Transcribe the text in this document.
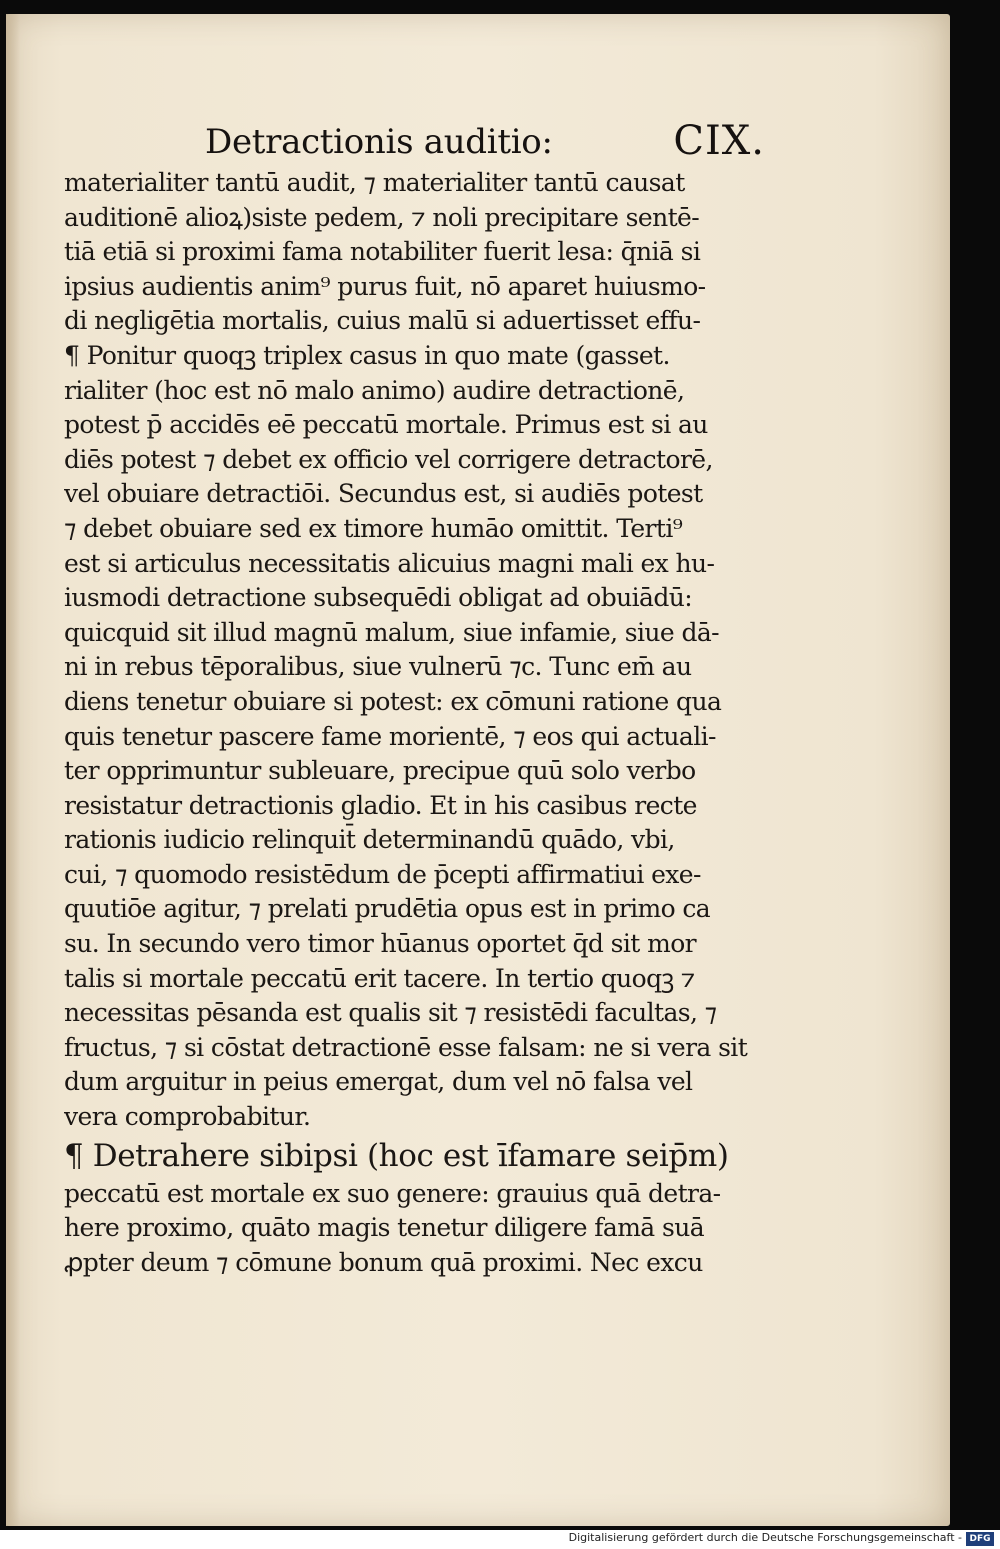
Detractionis auditio:	CIX.
materialiter tantū audit, ⁊ materialiter tantū causat
auditionē alioꝝ)siste pedem, ⁊ noli precipitare sentē-
tiā etiā si proximi fama notabiliter fuerit lesa: q̄niā si
ipsius audientis anim⁹ purus fuit, nō aparet huiusmo-
di negligētia mortalis, cuius malū si aduertisset effu-
¶ Ponitur quoqꝫ triplex casus in quo mate (gasset.
rialiter (hoc est nō malo animo) audire detractionē,
potest p̄ accidēs eē peccatū mortale. Primus est si au
diēs potest ⁊ debet ex officio vel corrigere detractorē,
vel obuiare detractiōi. Secundus est, si audiēs potest
⁊ debet obuiare sed ex timore humāo omittit. Terti⁹
est si articulus necessitatis alicuius magni mali ex hu-
iusmodi detractione subsequēdi obligat ad obuiādū:
quicquid sit illud magnū malum, siue infamie, siue dā-
ni in rebus tēporalibus, siue vulnerū ⁊c. Tunc em̄ au
diens tenetur obuiare si potest: ex cōmuni ratione qua
quis tenetur pascere fame morientē, ⁊ eos qui actuali-
ter opprimuntur subleuare, precipue quū solo verbo
resistatur detractionis gladio. Et in his casibus recte
rationis iudicio relinquit̄ determinandū quādo, vbi,
cui, ⁊ quomodo resistēdum de p̄cepti affirmatiui exe-
quutiōe agitur, ⁊ prelati prudētia opus est in primo ca
su. In secundo vero timor hūanus oportet q̄d sit mor
talis si mortale peccatū erit tacere. In tertio quoqꝫ ⁊
necessitas pēsanda est qualis sit ⁊ resistēdi facultas, ⁊
fructus, ⁊ si cōstat detractionē esse falsam: ne si vera sit
dum arguitur in peius emergat, dum vel nō falsa vel
vera comprobabitur.
¶ Detrahere sibipsi (hoc est īfamare seip̄m)
peccatū est mortale ex suo genere: grauius quā detra-
here proximo, quāto magis tenetur diligere famā suā
ꝓpter deum ⁊ cōmune bonum quā proximi. Nec excu
Digitalisierung gefördert durch die Deutsche Forschungsgemeinschaft - DFG
